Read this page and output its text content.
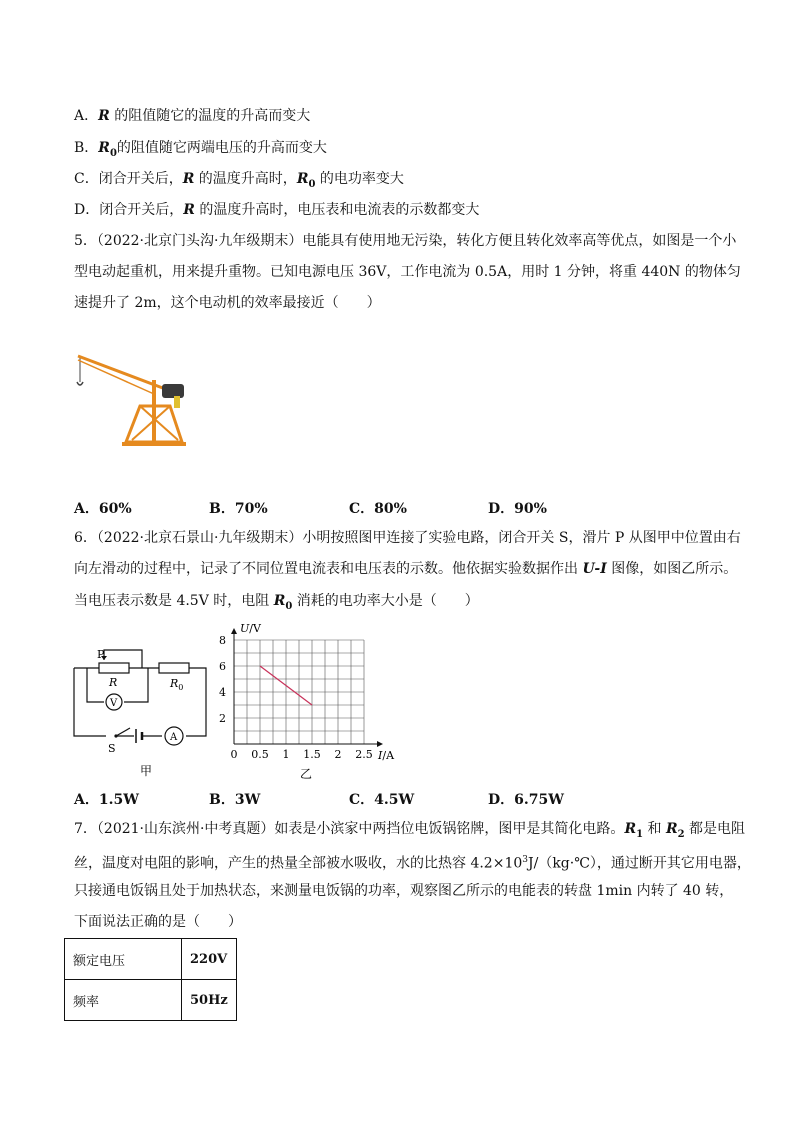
A．R 的阻值随它的温度的升高而变大
B．$R_0$的阻值随它两端电压的升高而变大
C．闭合开关后，R 的温度升高时，$R_0$ 的电功率变大
D．闭合开关后，R 的温度升高时，电压表和电流表的示数都变大
5．（2022·北京门头沟·九年级期末）电能具有使用地无污染，转化方便且转化效率高等优点，如图是一个小
型电动起重机，用来提升重物。已知电源电压 36V，工作电流为 0.5A，用时 1 分钟，将重 440N 的物体匀
速提升了 2m，这个电动机的效率最接近（　　）
A．60%	B．70%	C．80%	D．90%
6．（2022·北京石景山·九年级期末）小明按照图甲连接了实验电路，闭合开关 S，滑片 P 从图甲中位置由右
向左滑动的过程中，记录了不同位置电流表和电压表的示数。他依据实验数据作出 U-I 图像，如图乙所示。
当电压表示数是 4.5V 时，电阻 $R_0$ 消耗的电功率大小是（　　）
P
R	$R_0$
V
A
S
甲
0 0.5 1 1.5 2 2.5
2
4
6
8
U/V
I/A
乙
A．1.5W	B．3W	C．4.5W	D．6.75W
7．（2021·山东滨州·中考真题）如表是小滨家中两挡位电饭锅铭牌，图甲是其简化电路。$R_1$ 和 $R_2$ 都是电阻
丝，温度对电阻的影响，产生的热量全部被水吸收，水的比热容 $4.2\times 10^3J/(kg\cdot℃)$，通过断开其它用电器，
只接通电饭锅且处于加热状态，来测量电饭锅的功率，观察图乙所示的电能表的转盘 1min 内转了 40 转，
下面说法正确的是（　　）
额定电压	220V
频率	50Hz
